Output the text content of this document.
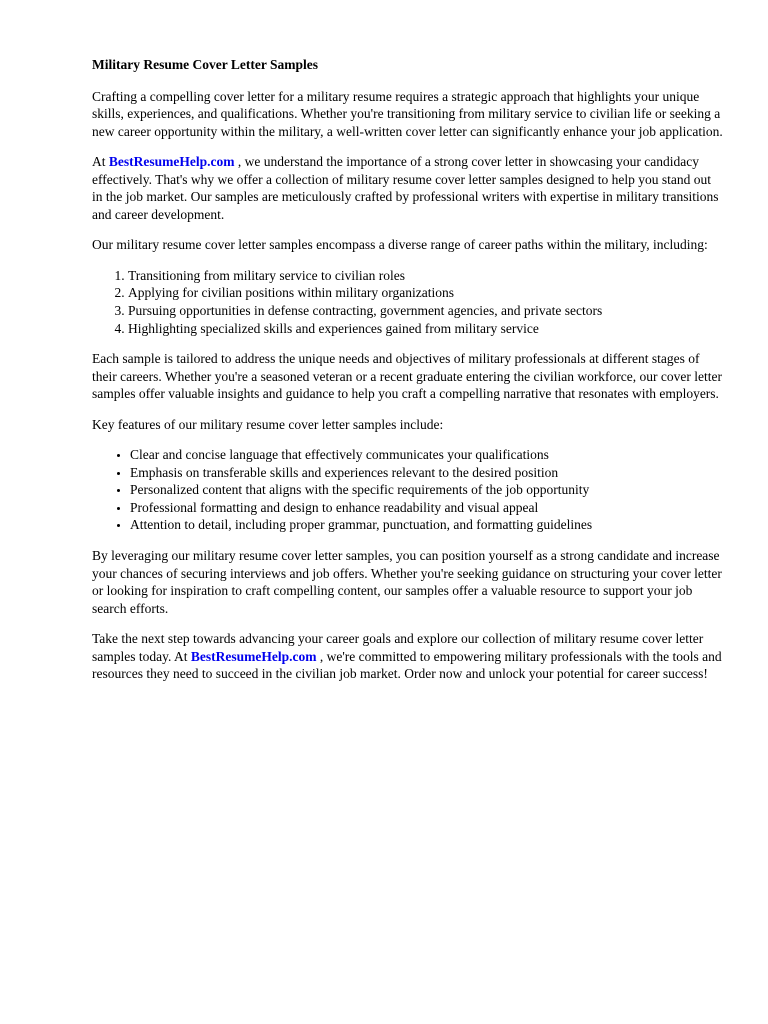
Military Resume Cover Letter Samples

Crafting a compelling cover letter for a military resume requires a strategic approach that highlights your unique skills, experiences, and qualifications. Whether you're transitioning from military service to civilian life or seeking a new career opportunity within the military, a well-written cover letter can significantly enhance your job application.

At BestResumeHelp.com , we understand the importance of a strong cover letter in showcasing your candidacy effectively. That's why we offer a collection of military resume cover letter samples designed to help you stand out in the job market. Our samples are meticulously crafted by professional writers with expertise in military transitions and career development.

Our military resume cover letter samples encompass a diverse range of career paths within the military, including:

1. Transitioning from military service to civilian roles
2. Applying for civilian positions within military organizations
3. Pursuing opportunities in defense contracting, government agencies, and private sectors
4. Highlighting specialized skills and experiences gained from military service

Each sample is tailored to address the unique needs and objectives of military professionals at different stages of their careers. Whether you're a seasoned veteran or a recent graduate entering the civilian workforce, our cover letter samples offer valuable insights and guidance to help you craft a compelling narrative that resonates with employers.

Key features of our military resume cover letter samples include:

• Clear and concise language that effectively communicates your qualifications
• Emphasis on transferable skills and experiences relevant to the desired position
• Personalized content that aligns with the specific requirements of the job opportunity
• Professional formatting and design to enhance readability and visual appeal
• Attention to detail, including proper grammar, punctuation, and formatting guidelines

By leveraging our military resume cover letter samples, you can position yourself as a strong candidate and increase your chances of securing interviews and job offers. Whether you're seeking guidance on structuring your cover letter or looking for inspiration to craft compelling content, our samples offer a valuable resource to support your job search efforts.

Take the next step towards advancing your career goals and explore our collection of military resume cover letter samples today. At BestResumeHelp.com , we're committed to empowering military professionals with the tools and resources they need to succeed in the civilian job market. Order now and unlock your potential for career success!
